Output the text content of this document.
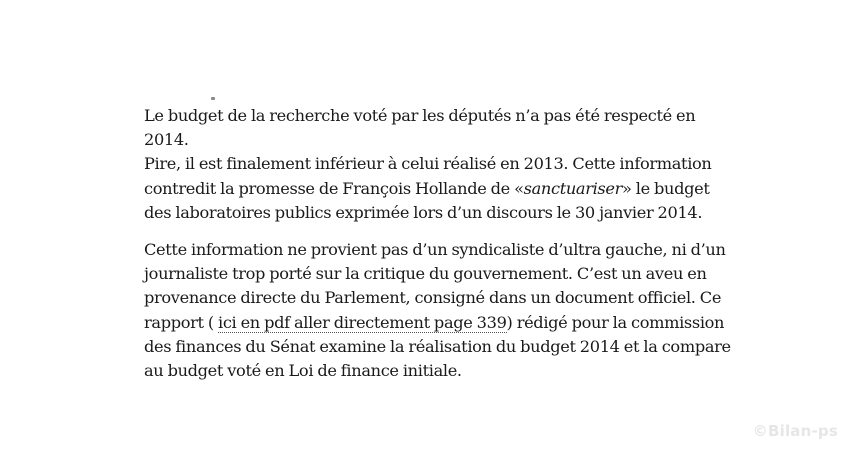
Le budget de la recherche voté par les députés n’a pas été respecté en 2014.
Pire, il est finalement inférieur à celui réalisé en 2013. Cette information
contredit la promesse de François Hollande de «sanctuariser» le budget
des laboratoires publics exprimée lors d’un discours le 30 janvier 2014.

Cette information ne provient pas d’un syndicaliste d’ultra gauche, ni d’un
journaliste trop porté sur la critique du gouvernement. C’est un aveu en
provenance directe du Parlement, consigné dans un document officiel. Ce
rapport ( ici en pdf aller directement page 339) rédigé pour la commission
des finances du Sénat examine la réalisation du budget 2014 et la compare
au budget voté en Loi de finance initiale.

©Bilan-ps
